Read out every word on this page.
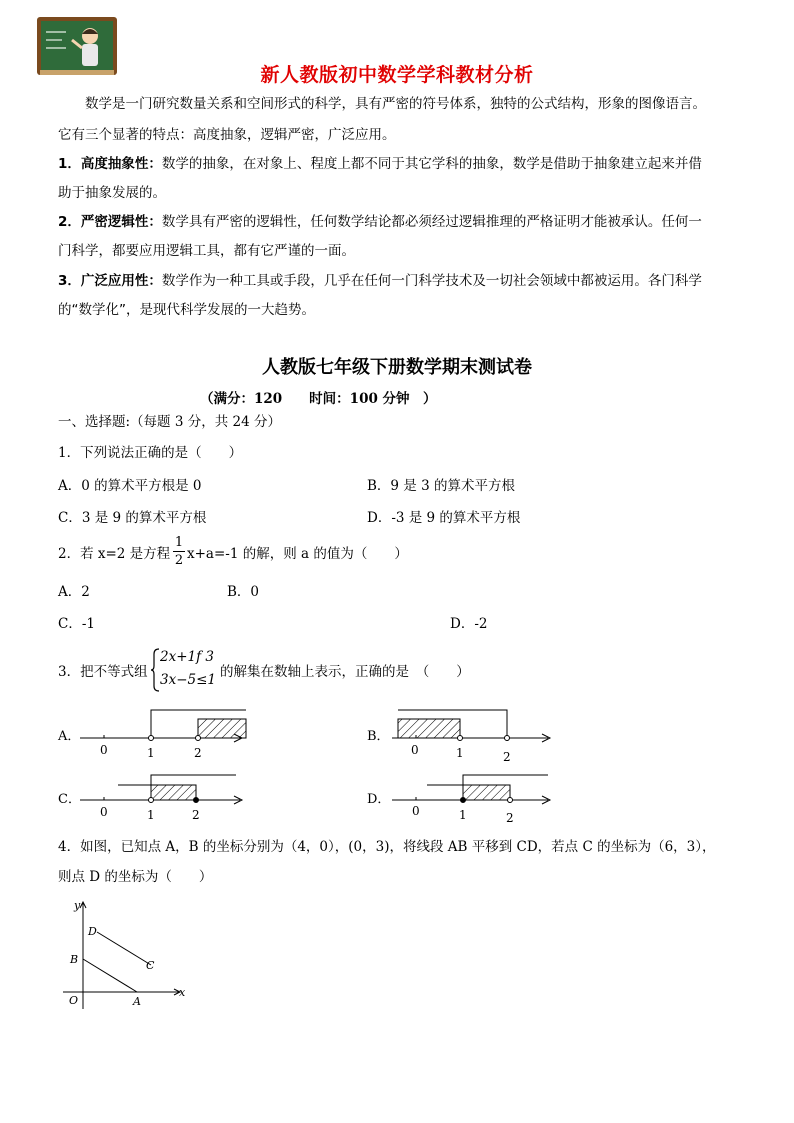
新人教版初中数学学科教材分析
数学是一门研究数量关系和空间形式的科学，具有严密的符号体系，独特的公式结构，形象的图像语言。
它有三个显著的特点：高度抽象，逻辑严密，广泛应用。
1．高度抽象性：数学的抽象，在对象上、程度上都不同于其它学科的抽象，数学是借助于抽象建立起来并借
助于抽象发展的。
2．严密逻辑性：数学具有严密的逻辑性，任何数学结论都必须经过逻辑推理的严格证明才能被承认。任何一
门科学，都要应用逻辑工具，都有它严谨的一面。
3．广泛应用性：数学作为一种工具或手段，几乎在任何一门科学技术及一切社会领域中都被运用。各门科学
的“数学化”，是现代科学发展的一大趋势。
人教版七年级下册数学期末测试卷
（满分：120　　时间：100 分钟　）
一、选择题:（每题 3 分，共 24 分）
1．下列说法正确的是（　　）
A．0 的算术平方根是 0	B．9 是 3 的算术平方根
C．3 是 9 的算术平方根	D．-3 是 9 的算术平方根
2．若 x=2 是方程
1
2 x+a=-1 的解，则 a 的值为（　　）
A．2	B．0
C．-1	D．-2
3．把不等式组
2x+1f 3
3x−5≤1 的解集在数轴上表示，正确的是　（　　）
A．
0	1	2
B．
0	1	2
C．
0	1	2
D．
0	1	2
4．如图，已知点 A，B 的坐标分别为（4，0），(0，3)，将线段 AB 平移到 CD，若点 C 的坐标为（6，3），
则点 D 的坐标为（　　）
y
x
O	A
B	C
D
